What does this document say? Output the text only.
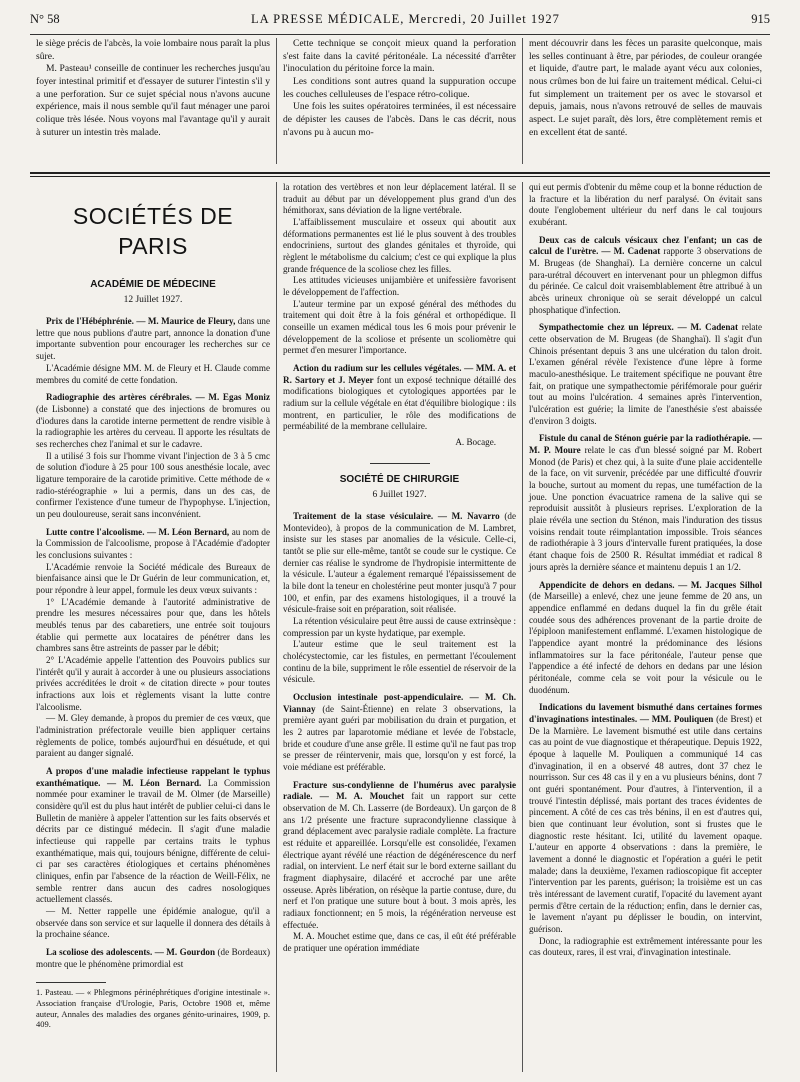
N° 58	LA PRESSE MÉDICALE, Mercredi, 20 Juillet 1927	915

le siège précis de l'abcès, la voie lombaire nous paraît la plus sûre.

M. Pasteau¹ conseille de continuer les recherches jusqu'au foyer intestinal primitif et d'essayer de suturer l'intestin s'il y a une perforation. Sur ce sujet spécial nous n'avons aucune expérience, mais il nous semble qu'il faut ménager une paroi colique très lésée. Nous voyons mal l'avantage qu'il y aurait à suturer un intestin très malade.

Cette technique se conçoit mieux quand la perforation s'est faite dans la cavité péritonéale. La nécessité d'arrêter l'inoculation du péritoine force la main.

Les conditions sont autres quand la suppuration occupe les couches celluleuses de l'espace rétro-colique.

Une fois les suites opératoires terminées, il est nécessaire de dépister les causes de l'abcès. Dans le cas décrit, nous n'avons pu à aucun mo-

ment découvrir dans les fèces un parasite quelconque, mais les selles continuant à être, par périodes, de couleur orangée et liquide, d'autre part, le malade ayant vécu aux colonies, nous crûmes bon de lui faire un traitement médical. Celui-ci fut simplement un traitement per os avec le stovarsol et depuis, jamais, nous n'avons retrouvé de selles de mauvais aspect. Le sujet paraît, dès lors, être complètement remis et en excellent état de santé.

SOCIÉTÉS DE PARIS
ACADÉMIE DE MÉDECINE
12 Juillet 1927.

Prix de l'Hébéphrénie. — M. Maurice de Fleury, dans une lettre que nous publions d'autre part, annonce la donation d'une importante subvention pour encourager les recherches sur ce sujet.

L'Académie désigne MM. M. de Fleury et H. Claude comme membres du comité de cette fondation.

Radiographie des artères cérébrales. — M. Egas Moniz (de Lisbonne) a constaté que des injections de bromures ou d'iodures dans la carotide interne permettent de rendre visible à la radiographie les artères du cerveau. Il apporte les résultats de ses recherches chez l'animal et sur le cadavre.

Il a utilisé 3 fois sur l'homme vivant l'injection de 3 à 5 cmc de solution d'iodure à 25 pour 100 sous anesthésie locale, avec ligature temporaire de la carotide primitive. Cette méthode de « radio-stéréographie » lui a permis, dans un des cas, de confirmer l'existence d'une tumeur de l'hypophyse. L'injection, un peu douloureuse, serait sans inconvénient.

Lutte contre l'alcoolisme. — M. Léon Bernard, au nom de la Commission de l'alcoolisme, propose à l'Académie d'adopter les conclusions suivantes :

L'Académie renvoie la Société médicale des Bureaux de bienfaisance ainsi que le Dr Guérin de leur communication, et, pour répondre à leur appel, formule les deux vœux suivants :

1° L'Académie demande à l'autorité administrative de prendre les mesures nécessaires pour que, dans les hôtels meublés tenus par des cabaretiers, une entrée soit toujours établie qui permette aux locataires de pénétrer dans les chambres sans être astreints de passer par le débit;

2° L'Académie appelle l'attention des Pouvoirs publics sur l'intérêt qu'il y aurait à accorder à une ou plusieurs associations privées accréditées le droit « de citation directe » pour toutes infractions aux lois et règlements visant la lutte contre l'alcoolisme.

— M. Gley demande, à propos du premier de ces vœux, que l'administration préfectorale veuille bien appliquer certains règlements de police, tombés aujourd'hui en désuétude, et qui paraient au danger signalé.

A propos d'une maladie infectieuse rappelant le typhus exanthématique. — M. Léon Bernard. La Commission nommée pour examiner le travail de M. Olmer (de Marseille) considère qu'il est du plus haut intérêt de publier celui-ci dans le Bulletin de manière à appeler l'attention sur les faits observés et décrits par ce distingué médecin. Il s'agit d'une maladie infectieuse qui rappelle par certains traits le typhus exanthématique, mais qui, toujours bénigne, différente de celui-ci par ses caractères étiologiques et certains phénomènes cliniques, enfin par l'absence de la réaction de Weill-Félix, ne semble rentrer dans aucun des cadres nosologiques actuellement classés.

— M. Netter rappelle une épidémie analogue, qu'il a observée dans son service et sur laquelle il donnera des détails à la prochaine séance.

La scoliose des adolescents. — M. Gourdon (de Bordeaux) montre que le phénomène primordial est

1. Pasteau. — « Phlegmons périnéphrétiques d'origine intestinale ». Association française d'Urologie, Paris, Octobre 1908 et, même auteur, Annales des maladies des organes génito-urinaires, 1909, p. 409.

la rotation des vertèbres et non leur déplacement latéral. Il se traduit au début par un développement plus grand d'un des hémithorax, sans déviation de la ligne vertébrale.

L'affaiblissement musculaire et osseux qui aboutit aux déformations permanentes est lié le plus souvent à des troubles endocriniens, surtout des glandes génitales et thyroïde, qui règlent le métabolisme du calcium; c'est ce qui explique la plus grande fréquence de la scoliose chez les filles.

Les attitudes vicieuses unijambière et unifessière favorisent le développement de l'affection.

L'auteur termine par un exposé général des méthodes du traitement qui doit être à la fois général et orthopédique. Il conseille un examen médical tous les 6 mois pour prévenir le développement de la scoliose et présente un scoliomètre qui permet d'en mesurer l'importance.

Action du radium sur les cellules végétales. — MM. A. et R. Sartory et J. Meyer font un exposé technique détaillé des modifications biologiques et cytologiques apportées par le radium sur la cellule végétale en état d'équilibre biologique : ils montrent, en particulier, le rôle des modifications de perméabilité de la membrane cellulaire.

A. Bocage.
SOCIÉTÉ DE CHIRURGIE
6 Juillet 1927.

Traitement de la stase vésiculaire. — M. Navarro (de Montevideo), à propos de la communication de M. Lambret, insiste sur les stases par anomalies de la vésicule. Celle-ci, tantôt se plie sur elle-même, tantôt se coude sur le cystique. Ce dernier cas réalise le syndrome de l'hydropisie intermittente de la vésicule. L'auteur a également remarqué l'épaississement de la bile dont la teneur en cholestérine peut monter jusqu'à 7 pour 100, et enfin, par des examens histologiques, il a trouvé la vésicule-fraise soit en préparation, soit réalisée.

La rétention vésiculaire peut être aussi de cause extrinsèque : compression par un kyste hydatique, par exemple.

L'auteur estime que le seul traitement est la cholécystectomie, car les fistules, en permettant l'écoulement continu de la bile, suppriment le rôle essentiel de réservoir de la vésicule.

Occlusion intestinale post-appendiculaire. — M. Ch. Viannay (de Saint-Étienne) en relate 3 observations, la première ayant guéri par mobilisation du drain et purgation, et les 2 autres par laparotomie médiane et levée de l'obstacle, bride et coudure d'une anse grêle. Il estime qu'il ne faut pas trop se presser de réintervenir, mais que, lorsqu'on y est forcé, la voie médiane est préférable.

Fracture sus-condylienne de l'humérus avec paralysie radiale. — M. A. Mouchet fait un rapport sur cette observation de M. Ch. Lasserre (de Bordeaux). Un garçon de 8 ans 1/2 présente une fracture supracondylienne classique à grand déplacement avec paralysie radiale complète. La fracture est réduite et appareillée. Lorsqu'elle est consolidée, l'examen électrique ayant révélé une réaction de dégénérescence du nerf radial, on intervient. Le nerf était sur le bord externe saillant du fragment diaphysaire, dilacéré et accroché par une arête osseuse. Après libération, on résèque la partie contuse, dure, du nerf et l'on pratique une suture bout à bout. 3 mois après, les radiaux fonctionnent; en 5 mois, la régénération nerveuse est effectuée.

M. A. Mouchet estime que, dans ce cas, il eût été préférable de pratiquer une opération immédiate

qui eut permis d'obtenir du même coup et la bonne réduction de la fracture et la libération du nerf paralysé. On évitait sans doute l'englobement ultérieur du nerf dans le cal toujours exubérant.

Deux cas de calculs vésicaux chez l'enfant; un cas de calcul de l'urètre. — M. Cadenat rapporte 3 observations de M. Brugeas (de Shanghaï). La dernière concerne un calcul para-urétral découvert en intervenant pour un phlegmon diffus du périnée. Ce calcul doit vraisemblablement être attribué à un abcès urineux chronique où se serait développé un calcul phosphatique d'infection.

Sympathectomie chez un lépreux. — M. Cadenat relate cette observation de M. Brugeas (de Shanghaï). Il s'agit d'un Chinois présentant depuis 3 ans une ulcération du talon droit. L'examen général révèle l'existence d'une lèpre à forme maculo-anesthésique. Le traitement spécifique ne pouvant être fait, on pratique une sympathectomie périfémorale pour guérir tout au moins l'ulcération. 4 semaines après l'intervention, l'ulcération est guérie; la limite de l'anesthésie s'est abaissée d'environ 3 doigts.

Fistule du canal de Sténon guérie par la radiothérapie. — M. P. Moure relate le cas d'un blessé soigné par M. Robert Monod (de Paris) et chez qui, à la suite d'une plaie accidentelle de la face, on vit survenir, précédée par une difficulté d'ouvrir la bouche, surtout au moment du repas, une tuméfaction de la joue. Une ponction évacuatrice ramena de la salive qui se reproduisit aussitôt à plusieurs reprises. L'exploration de la plaie révéla une section du Sténon, mais l'induration des tissus voisins rendait toute réimplantation impossible. Trois séances de radiothérapie à 3 jours d'intervalle furent pratiquées, la dose étant chaque fois de 2500 R. Résultat immédiat et radical 8 jours après la dernière séance et maintenu depuis 1 an 1/2.

Appendicite de dehors en dedans. — M. Jacques Silhol (de Marseille) a enlevé, chez une jeune femme de 20 ans, un appendice enflammé en dedans duquel la fin du grêle était coudée sous des adhérences provenant de la partie droite de l'épiploon manifestement enflammé. L'examen histologique de l'appendice ayant montré la prédominance des lésions inflammatoires sur la face péritonéale, l'auteur pense que l'appendice a été infecté de dehors en dedans par une lésion péritonéale, comme cela se voit pour la vésicule ou le duodénum.

Indications du lavement bismuthé dans certaines formes d'invaginations intestinales. — MM. Pouliquen (de Brest) et De la Marnière. Le lavement bismuthé est utile dans certains cas au point de vue diagnostique et thérapeutique. Depuis 1922, époque à laquelle M. Pouliquen a communiqué 14 cas d'invagination, il en a observé 48 autres, dont 37 chez le nourrisson. Sur ces 48 cas il y en a vu plusieurs bénins, dont 7 ont guéri spontanément. Pour d'autres, à l'intervention, il a trouvé l'intestin déplissé, mais portant des traces évidentes de pincement. A côté de ces cas très bénins, il en est d'autres qui, bien que continuant leur évolution, sont si frustes que le diagnostic reste hésitant. Ici, utilité du lavement opaque. L'auteur en apporte 4 observations : dans la première, le lavement a donné le diagnostic et l'opération a guéri le petit malade; dans la deuxième, l'examen radioscopique fit accepter l'intervention par les parents, guérison; la troisième est un cas très intéressant de lavement curatif, l'opacité du lavement ayant permis d'être certain de la réduction; enfin, dans le dernier cas, le lavement n'ayant pu déplisser le boudin, on intervint, guérison.

Donc, la radiographie est extrêmement intéressante pour les cas douteux, rares, il est vrai, d'invagination intestinale.
